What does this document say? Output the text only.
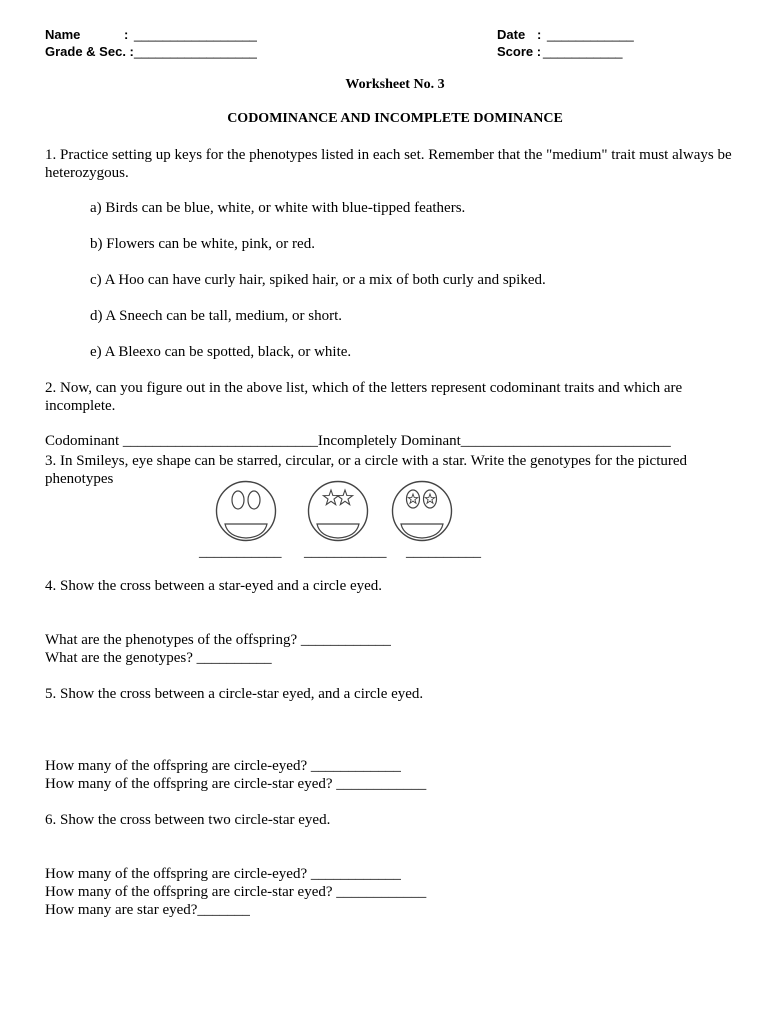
Name	: _________________
Grade & Sec. : _________________
Date : ____________
Score : ___________
Worksheet No. 3
CODOMINANCE AND INCOMPLETE DOMINANCE
1. Practice setting up keys for the phenotypes listed in each set. Remember that the "medium" trait must always be heterozygous.
a) Birds can be blue, white, or white with blue-tipped feathers.
b) Flowers can be white, pink, or red.
c) A Hoo can have curly hair, spiked hair, or a mix of both curly and spiked.
d) A Sneech can be tall, medium, or short.
e) A Bleexo can be spotted, black, or white.
2. Now, can you figure out in the above list, which of the letters represent codominant traits and which are incomplete.
Codominant __________________________Incompletely Dominant____________________________
3. In Smileys, eye shape can be starred, circular, or a circle with a star. Write the genotypes for the pictured phenotypes
___________ ___________ __________
4. Show the cross between a star-eyed and a circle eyed.
What are the phenotypes of the offspring? ____________
What are the genotypes? __________
5. Show the cross between a circle-star eyed, and a circle eyed.
How many of the offspring are circle-eyed? ____________
How many of the offspring are circle-star eyed? ____________
6. Show the cross between two circle-star eyed.
How many of the offspring are circle-eyed? ____________
How many of the offspring are circle-star eyed? ____________
How many are star eyed?_______
